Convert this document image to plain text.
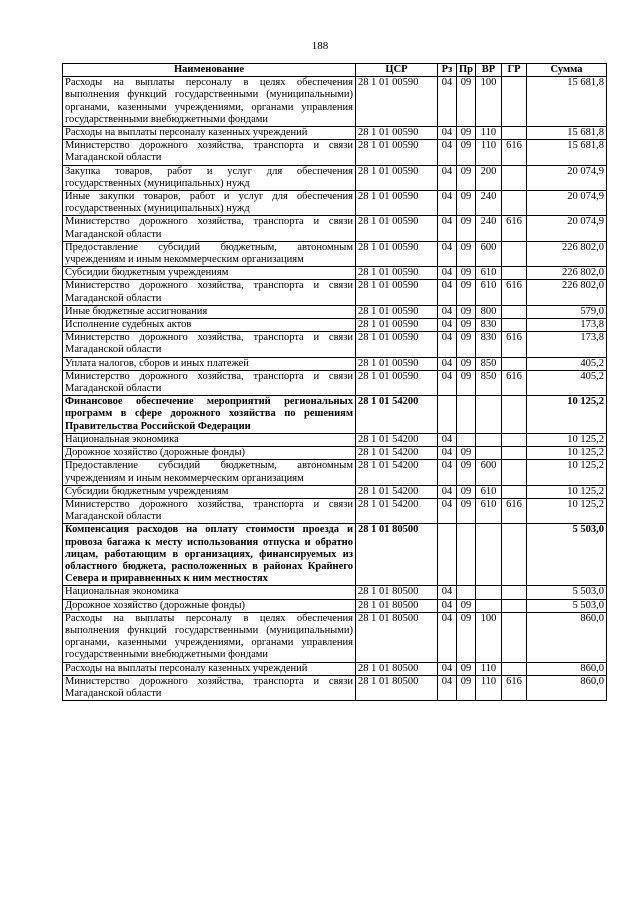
188
Наименование	ЦСР	Рз	Пр	ВР	ГР	Сумма
Расходы на выплаты персоналу в целях обеспечения выполнения функций государственными (муниципальными) органами, казенными учреждениями, органами управления государственными внебюджетными фондами	28 1 01 00590	04	09	100		15 681,8
Расходы на выплаты персоналу казенных учреждений	28 1 01 00590	04	09	110		15 681,8
Министерство дорожного хозяйства, транспорта и связи Магаданской области	28 1 01 00590	04	09	110	616	15 681,8
Закупка товаров, работ и услуг для обеспечения государственных (муниципальных) нужд	28 1 01 00590	04	09	200		20 074,9
Иные закупки товаров, работ и услуг для обеспечения государственных (муниципальных) нужд	28 1 01 00590	04	09	240		20 074,9
Министерство дорожного хозяйства, транспорта и связи Магаданской области	28 1 01 00590	04	09	240	616	20 074,9
Предоставление субсидий бюджетным, автономным учреждениям и иным некоммерческим организациям	28 1 01 00590	04	09	600		226 802,0
Субсидии бюджетным учреждениям	28 1 01 00590	04	09	610		226 802,0
Министерство дорожного хозяйства, транспорта и связи Магаданской области	28 1 01 00590	04	09	610	616	226 802,0
Иные бюджетные ассигнования	28 1 01 00590	04	09	800		579,0
Исполнение судебных актов	28 1 01 00590	04	09	830		173,8
Министерство дорожного хозяйства, транспорта и связи Магаданской области	28 1 01 00590	04	09	830	616	173,8
Уплата налогов, сборов и иных платежей	28 1 01 00590	04	09	850		405,2
Министерство дорожного хозяйства, транспорта и связи Магаданской области	28 1 01 00590	04	09	850	616	405,2
Финансовое обеспечение мероприятий региональных программ в сфере дорожного хозяйства по решениям Правительства Российской Федерации	28 1 01 54200					10 125,2
Национальная экономика	28 1 01 54200	04				10 125,2
Дорожное хозяйство (дорожные фонды)	28 1 01 54200	04	09			10 125,2
Предоставление субсидий бюджетным, автономным учреждениям и иным некоммерческим организациям	28 1 01 54200	04	09	600		10 125,2
Субсидии бюджетным учреждениям	28 1 01 54200	04	09	610		10 125,2
Министерство дорожного хозяйства, транспорта и связи Магаданской области	28 1 01 54200	04	09	610	616	10 125,2
Компенсация расходов на оплату стоимости проезда и провоза багажа к месту использования отпуска и обратно лицам, работающим в организациях, финансируемых из областного бюджета, расположенных в районах Крайнего Севера и приравненных к ним местностях	28 1 01 80500					5 503,0
Национальная экономика	28 1 01 80500	04				5 503,0
Дорожное хозяйство (дорожные фонды)	28 1 01 80500	04	09			5 503,0
Расходы на выплаты персоналу в целях обеспечения выполнения функций государственными (муниципальными) органами, казенными учреждениями, органами управления государственными внебюджетными фондами	28 1 01 80500	04	09	100		860,0
Расходы на выплаты персоналу казенных учреждений	28 1 01 80500	04	09	110		860,0
Министерство дорожного хозяйства, транспорта и связи Магаданской области	28 1 01 80500	04	09	110	616	860,0
